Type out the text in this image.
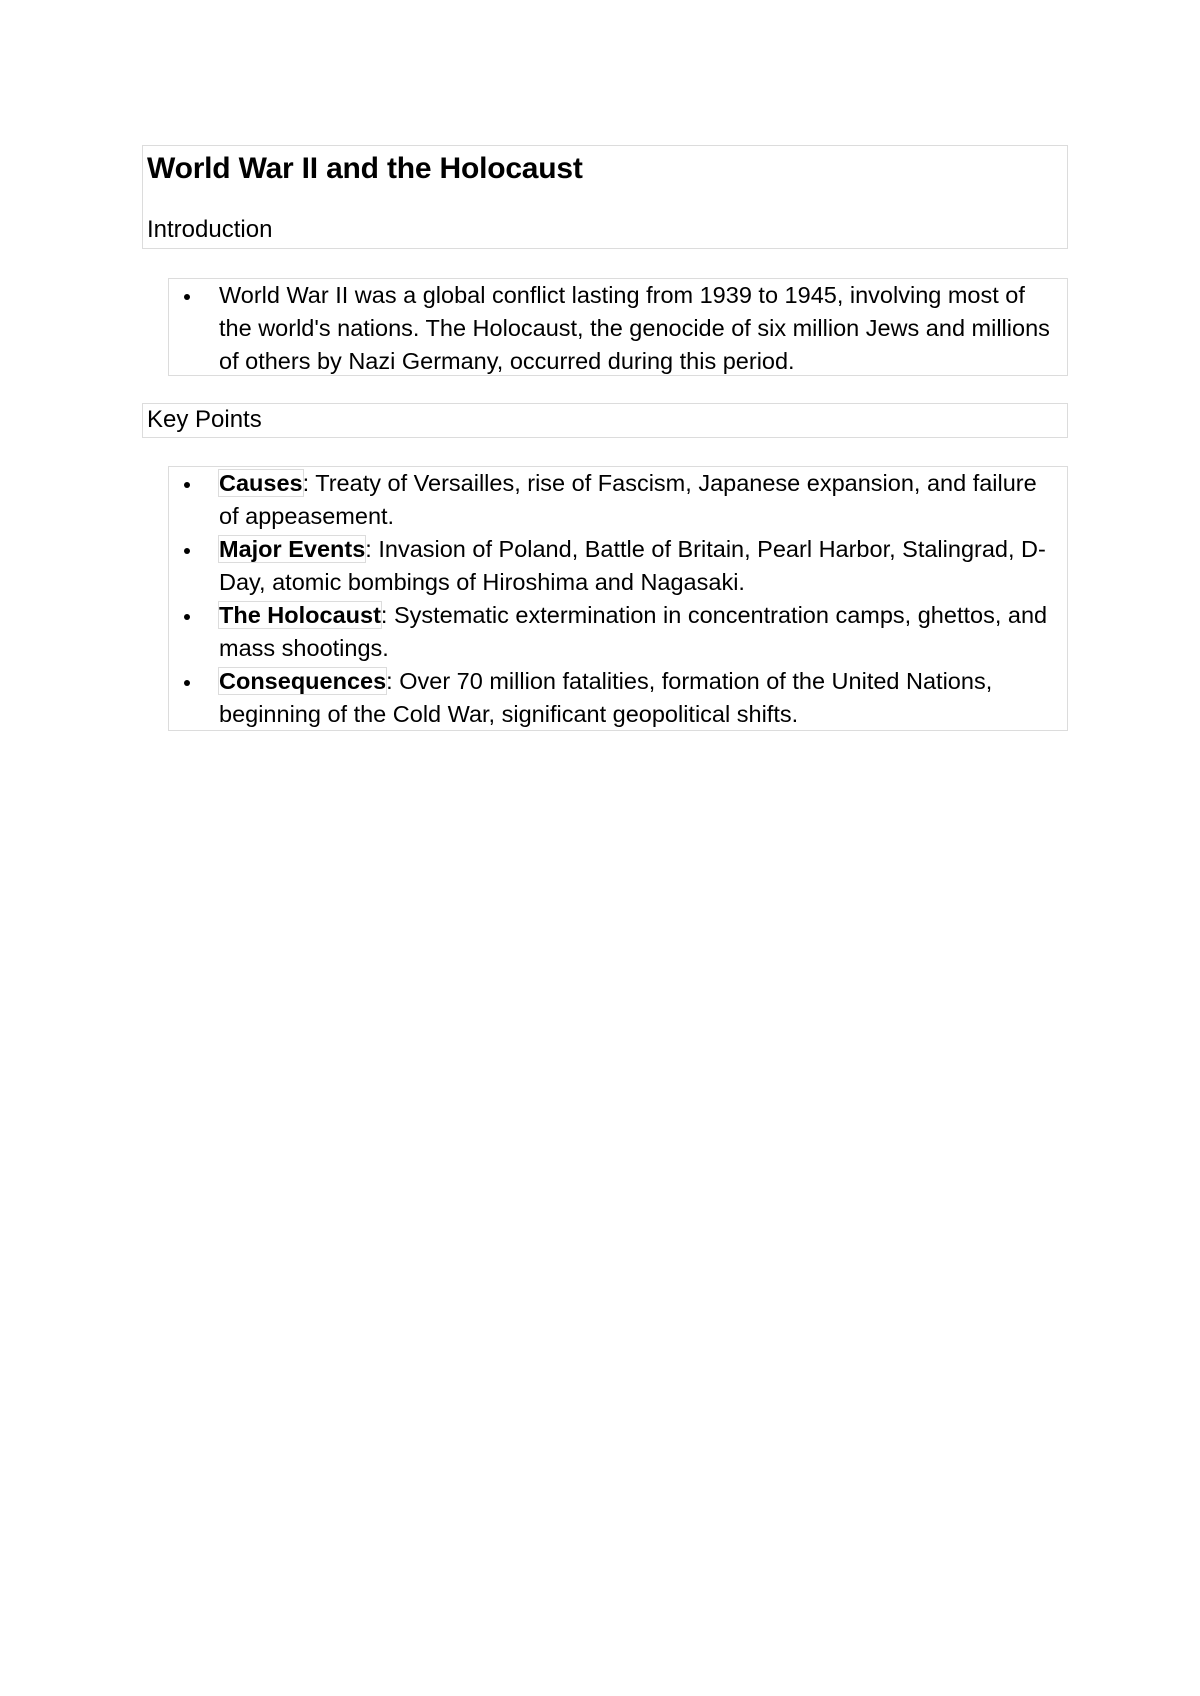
World War II and the Holocaust
Introduction
World War II was a global conflict lasting from 1939 to 1945, involving most of the world's nations. The Holocaust, the genocide of six million Jews and millions of others by Nazi Germany, occurred during this period.
Key Points
Causes: Treaty of Versailles, rise of Fascism, Japanese expansion, and failure of appeasement.
Major Events: Invasion of Poland, Battle of Britain, Pearl Harbor, Stalingrad, D-Day, atomic bombings of Hiroshima and Nagasaki.
The Holocaust: Systematic extermination in concentration camps, ghettos, and mass shootings.
Consequences: Over 70 million fatalities, formation of the United Nations, beginning of the Cold War, significant geopolitical shifts.
